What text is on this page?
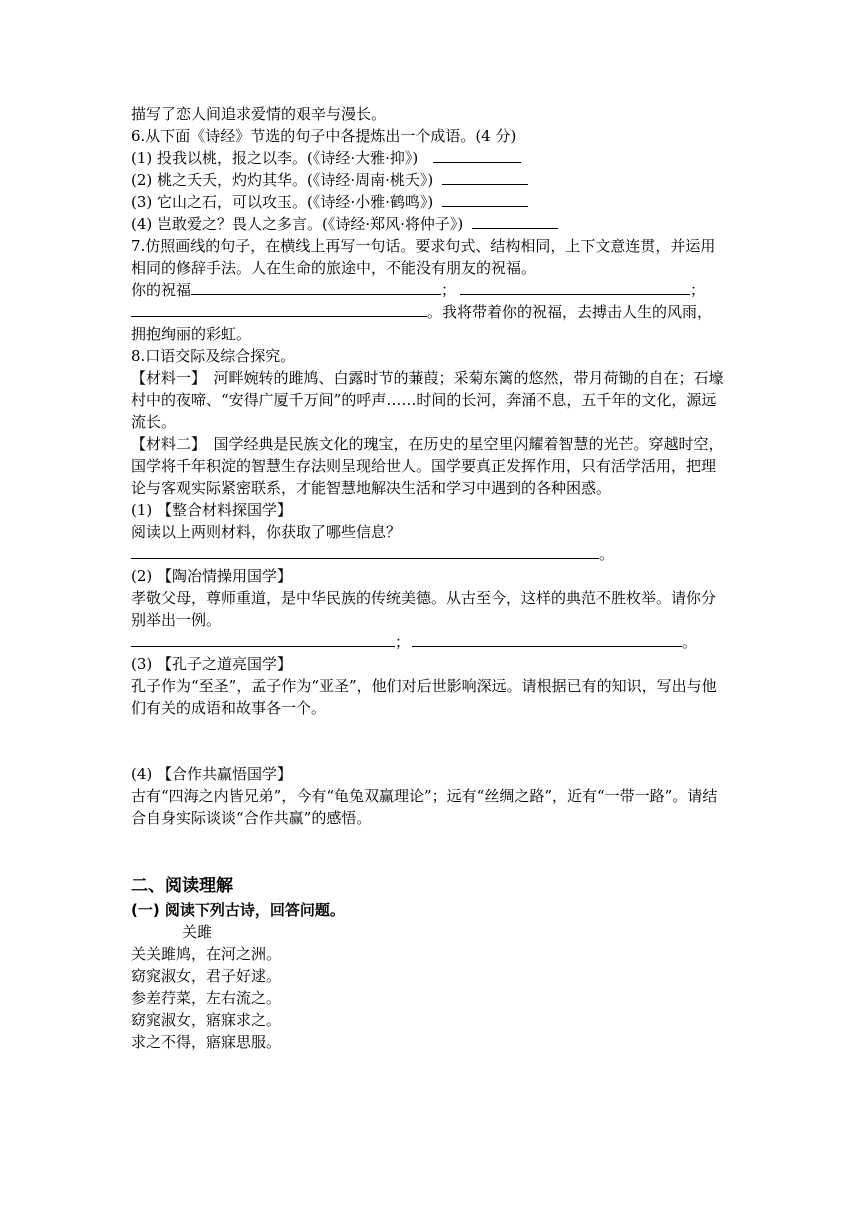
描写了恋人间追求爱情的艰辛与漫长。
6.从下面《诗经》节选的句子中各提炼出一个成语。(4 分)
(1) 投我以桃，报之以李。(《诗经·大雅·抑》)
(2) 桃之夭夭，灼灼其华。(《诗经·周南·桃夭》)
(3) 它山之石，可以攻玉。(《诗经·小雅·鹤鸣》)
(4) 岂敢爱之？畏人之多言。(《诗经·郑风·将仲子》)
7.仿照画线的句子，在横线上再写一句话。要求句式、结构相同，上下文意连贯，并运用相同的修辞手法。人在生命的旅途中，不能没有朋友的祝福。
你的祝福	；	；
。我将带着你的祝福，去搏击人生的风雨，
拥抱绚丽的彩虹。
8.口语交际及综合探究。
【材料一】　河畔婉转的雎鸠、白露时节的蒹葭；采菊东篱的悠然，带月荷锄的自在；石壕村中的夜啼、“安得广厦千万间”的呼声……时间的长河，奔涌不息，五千年的文化，源远流长。
【材料二】　国学经典是民族文化的瑰宝，在历史的星空里闪耀着智慧的光芒。穿越时空，国学将千年积淀的智慧生存法则呈现给世人。国学要真正发挥作用，只有活学活用，把理论与客观实际紧密联系，才能智慧地解决生活和学习中遇到的各种困惑。
(1) 【整合材料探国学】
阅读以上两则材料，你获取了哪些信息？
。
(2) 【陶冶情操用国学】
孝敬父母，尊师重道，是中华民族的传统美德。从古至今，这样的典范不胜枚举。请你分别举出一例。
；	。
(3) 【孔子之道亮国学】
孔子作为“至圣”，孟子作为“亚圣”，他们对后世影响深远。请根据已有的知识，写出与他们有关的成语和故事各一个。
(4) 【合作共赢悟国学】
古有“四海之内皆兄弟”，今有“龟兔双赢理论”；远有“丝绸之路”，近有“一带一路”。请结合自身实际谈谈“合作共赢”的感悟。
二、阅读理解
(一) 阅读下列古诗，回答问题。
关雎
关关雎鸠，在河之洲。
窈窕淑女，君子好逑。
参差荇菜，左右流之。
窈窕淑女，寤寐求之。
求之不得，寤寐思服。
